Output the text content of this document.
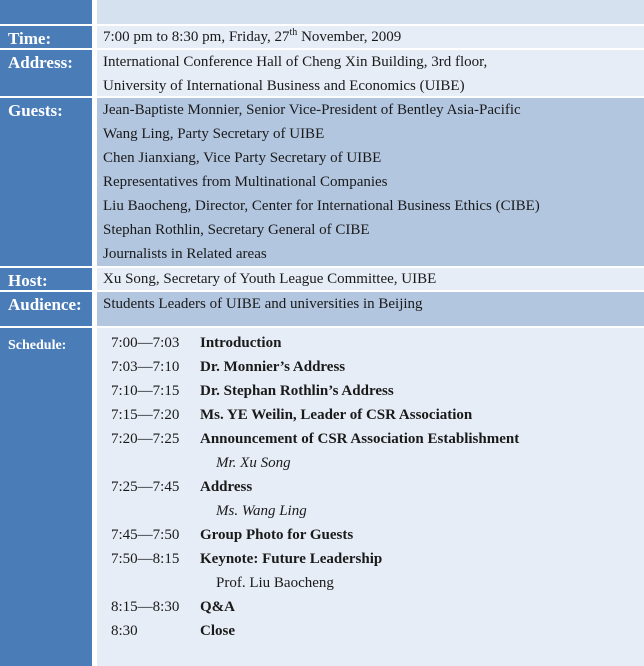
Time:	7:00 pm to 8:30 pm, Friday, 27th November, 2009
Address:	International Conference Hall of Cheng Xin Building, 3rd floor,
University of International Business and Economics (UIBE)
Guests:	Jean-Baptiste Monnier, Senior Vice-President of Bentley Asia-Pacific
Wang Ling, Party Secretary of UIBE
Chen Jianxiang, Vice Party Secretary of UIBE
Representatives from Multinational Companies
Liu Baocheng, Director, Center for International Business Ethics (CIBE)
Stephan Rothlin, Secretary General of CIBE
Journalists in Related areas
Host:	Xu Song, Secretary of Youth League Committee, UIBE
Audience:	Students Leaders of UIBE and universities in Beijing
Schedule:	7:00—7:03 Introduction
7:03—7:10 Dr. Monnier’s Address
7:10—7:15 Dr. Stephan Rothlin’s Address
7:15—7:20 Ms. YE Weilin, Leader of CSR Association
7:20—7:25 Announcement of CSR Association Establishment
Mr. Xu Song
7:25—7:45 Address
Ms. Wang Ling
7:45—7:50 Group Photo for Guests
7:50—8:15 Keynote: Future Leadership
Prof. Liu Baocheng
8:15—8:30 Q&A
8:30	Close
